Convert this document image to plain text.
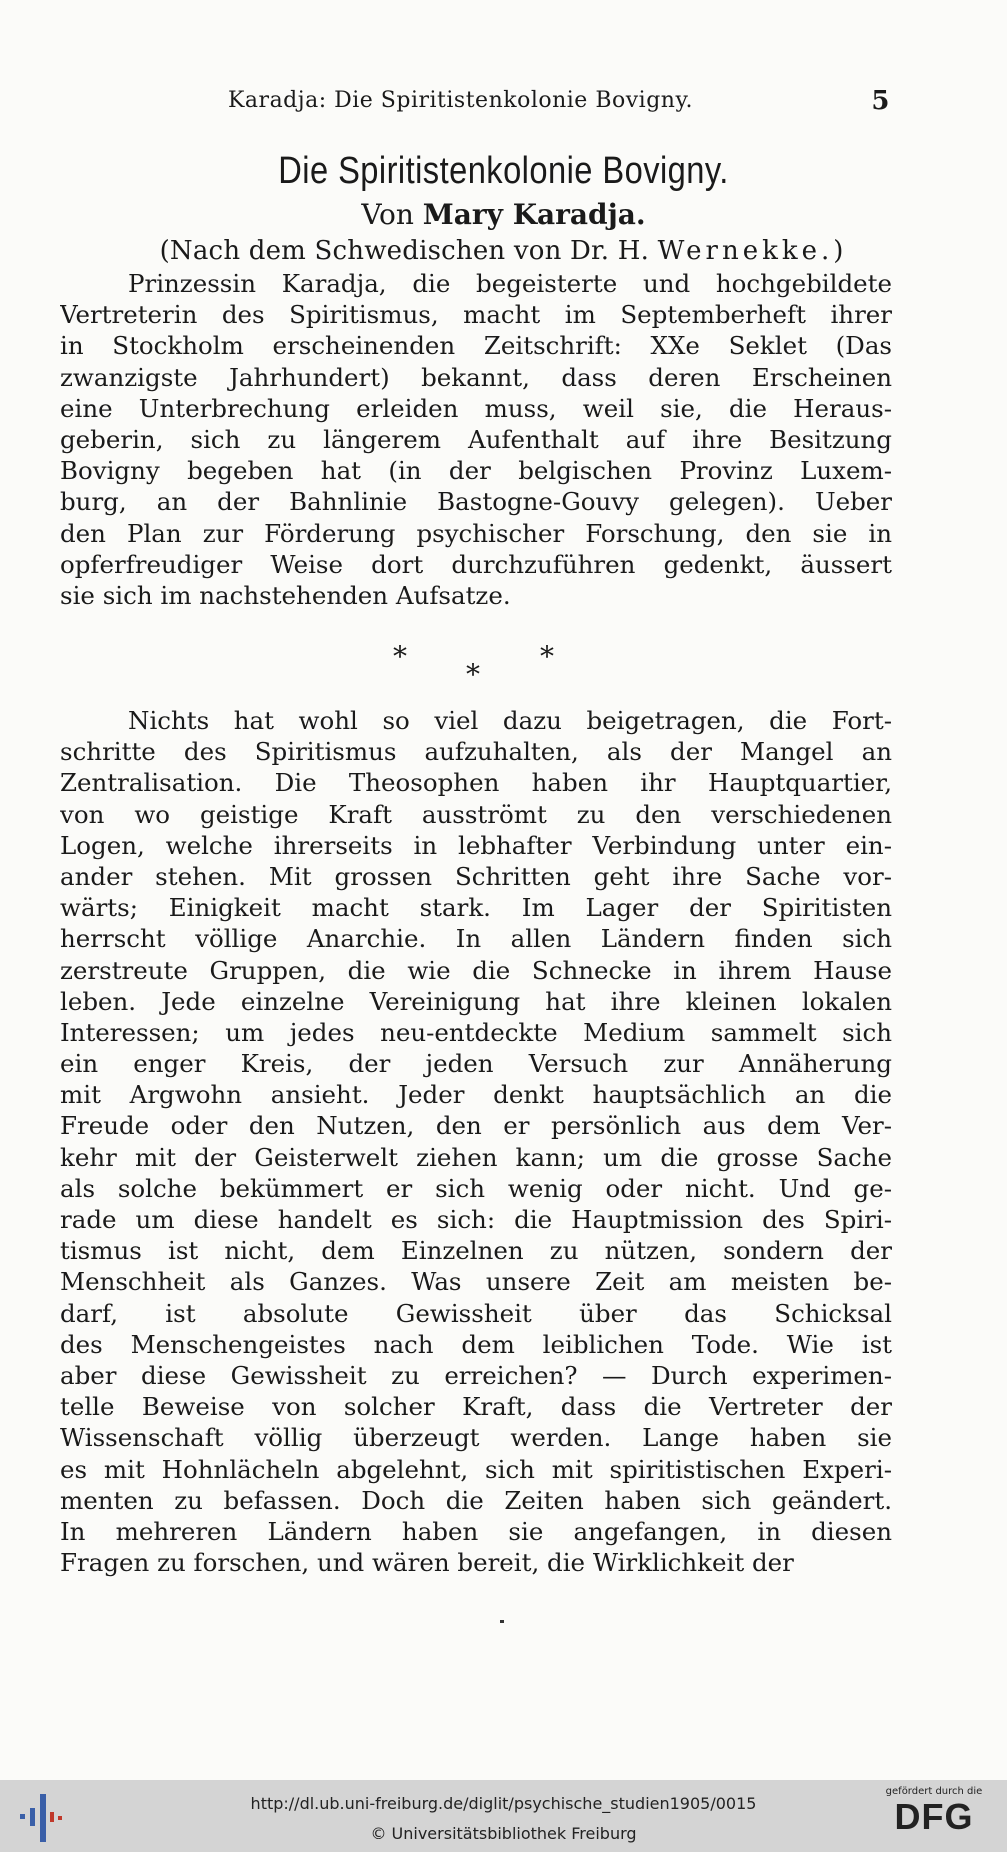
Karadja: Die Spiritistenkolonie Bovigny.	5
Die Spiritistenkolonie Bovigny.
Von Mary Karadja.
(Nach dem Schwedischen von Dr. H. Wernekke.)
Prinzessin Karadja, die begeisterte und hochgebildete
Vertreterin des Spiritismus, macht im Septemberheft ihrer
in Stockholm erscheinenden Zeitschrift: XXe Seklet (Das
zwanzigste Jahrhundert) bekannt, dass deren Erscheinen
eine Unterbrechung erleiden muss, weil sie, die Heraus-
geberin, sich zu längerem Aufenthalt auf ihre Besitzung
Bovigny begeben hat (in der belgischen Provinz Luxem-
burg, an der Bahnlinie Bastogne-Gouvy gelegen). Ueber
den Plan zur Förderung psychischer Forschung, den sie in
opferfreudiger Weise dort durchzuführen gedenkt, äussert
sie sich im nachstehenden Aufsatze.
*	*
*
Nichts hat wohl so viel dazu beigetragen, die Fort-
schritte des Spiritismus aufzuhalten, als der Mangel an
Zentralisation. Die Theosophen haben ihr Hauptquartier,
von wo geistige Kraft ausströmt zu den verschiedenen
Logen, welche ihrerseits in lebhafter Verbindung unter ein-
ander stehen. Mit grossen Schritten geht ihre Sache vor-
wärts; Einigkeit macht stark. Im Lager der Spiritisten
herrscht völlige Anarchie. In allen Ländern finden sich
zerstreute Gruppen, die wie die Schnecke in ihrem Hause
leben. Jede einzelne Vereinigung hat ihre kleinen lokalen
Interessen; um jedes neu-entdeckte Medium sammelt sich
ein enger Kreis, der jeden Versuch zur Annäherung
mit Argwohn ansieht. Jeder denkt hauptsächlich an die
Freude oder den Nutzen, den er persönlich aus dem Ver-
kehr mit der Geisterwelt ziehen kann; um die grosse Sache
als solche bekümmert er sich wenig oder nicht. Und ge-
rade um diese handelt es sich: die Hauptmission des Spiri-
tismus ist nicht, dem Einzelnen zu nützen, sondern der
Menschheit als Ganzes. Was unsere Zeit am meisten be-
darf, ist absolute Gewissheit über das Schicksal
des Menschengeistes nach dem leiblichen Tode. Wie ist
aber diese Gewissheit zu erreichen? — Durch experimen-
telle Beweise von solcher Kraft, dass die Vertreter der
Wissenschaft völlig überzeugt werden. Lange haben sie
es mit Hohnlächeln abgelehnt, sich mit spiritistischen Experi-
menten zu befassen. Doch die Zeiten haben sich geändert.
In mehreren Ländern haben sie angefangen, in diesen
Fragen zu forschen, und wären bereit, die Wirklichkeit der
http://dl.ub.uni-freiburg.de/diglit/psychische_studien1905/0015
© Universitätsbibliothek Freiburg
gefördert durch die
DFG
